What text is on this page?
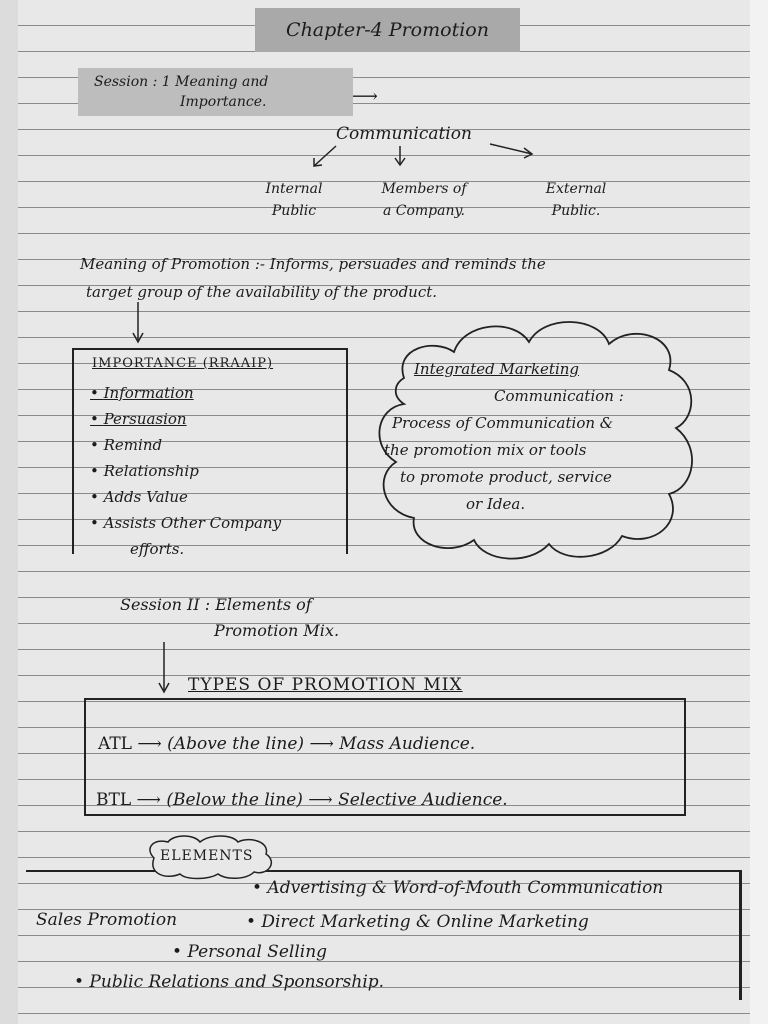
Chapter-4 Promotion
Session : 1 Meaning and
Importance.	⟶
Communication
Internal
Public
Members of
a Company.
External
Public.
Meaning of Promotion :- Informs, persuades and reminds the
target group of the availability of the product.
IMPORTANCE (RRAAIP)
• Information
• Persuasion
• Remind
• Relationship
• Adds Value
• Assists Other Company
efforts.
Integrated Marketing
Communication :
Process of Communication &
the promotion mix or tools
to promote product, service
or Idea.
Session II : Elements of
Promotion Mix.
TYPES OF PROMOTION MIX
ATL ⟶ (Above the line) ⟶ Mass Audience.
BTL ⟶ (Below the line) ⟶ Selective Audience.
ELEMENTS
• Advertising & Word-of-Mouth Communication
Sales Promotion	• Direct Marketing & Online Marketing
• Personal Selling
• Public Relations and Sponsorship.
